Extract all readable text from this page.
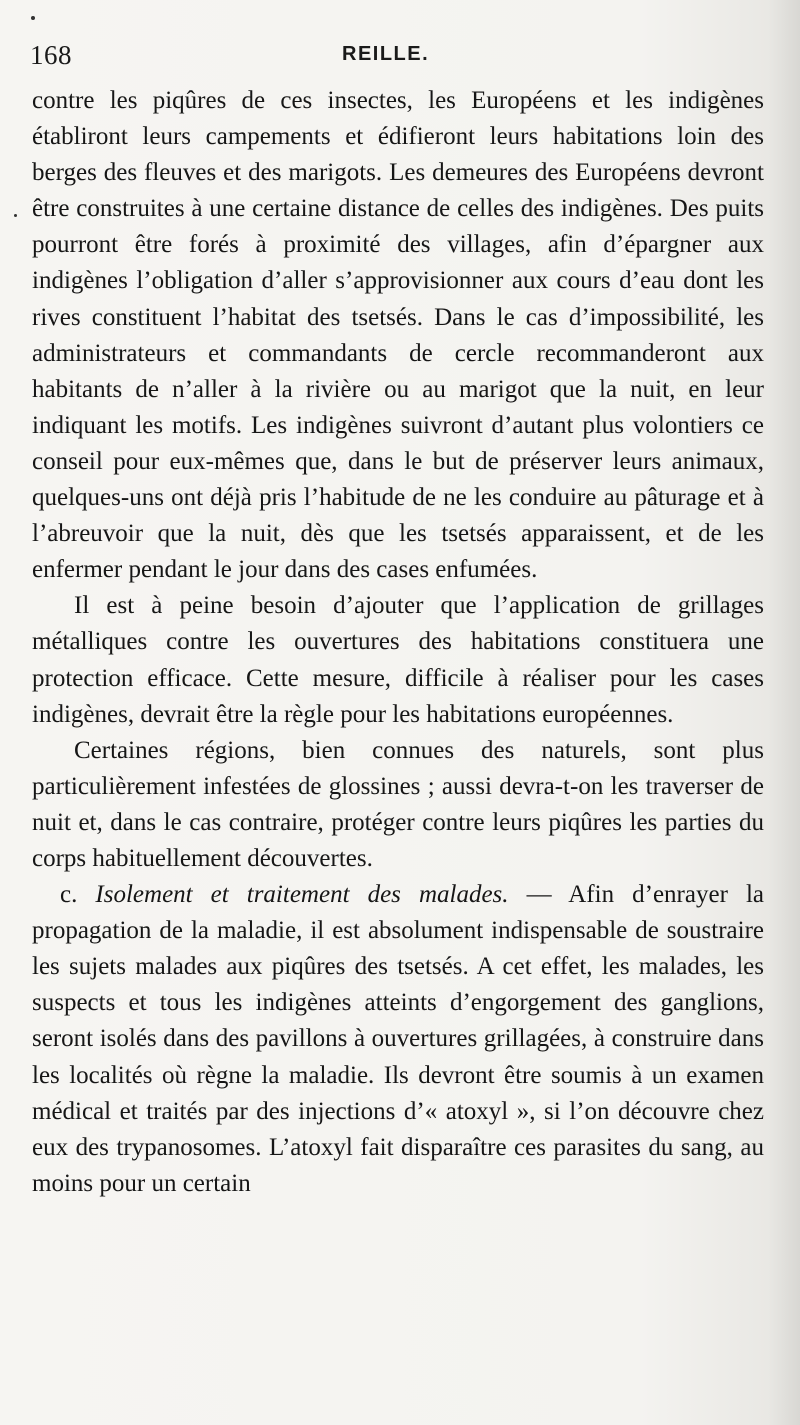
168	REILLE.

contre les piqûres de ces insectes, les Européens et les indigènes établiront leurs campements et édifieront leurs habitations loin des berges des fleuves et des marigots. Les demeures des Européens devront être construites à une certaine distance de celles des indigènes. Des puits pourront être forés à proximité des villages, afin d’épargner aux indigènes l’obligation d’aller s’approvisionner aux cours d’eau dont les rives constituent l’habitat des tsetsés. Dans le cas d’impossibilité, les administrateurs et commandants de cercle recommanderont aux habitants de n’aller à la rivière ou au marigot que la nuit, en leur indiquant les motifs. Les indigènes suivront d’autant plus volontiers ce conseil pour eux-mêmes que, dans le but de préserver leurs animaux, quelques-uns ont déjà pris l’habitude de ne les conduire au pâturage et à l’abreuvoir que la nuit, dès que les tsetsés apparaissent, et de les enfermer pendant le jour dans des cases enfumées.

Il est à peine besoin d’ajouter que l’application de grillages métalliques contre les ouvertures des habitations constituera une protection efficace. Cette mesure, difficile à réaliser pour les cases indigènes, devrait être la règle pour les habitations européennes.

Certaines régions, bien connues des naturels, sont plus particulièrement infestées de glossines ; aussi devra-t-on les traverser de nuit et, dans le cas contraire, protéger contre leurs piqûres les parties du corps habituellement découvertes.

c. Isolement et traitement des malades. — Afin d’enrayer la propagation de la maladie, il est absolument indispensable de soustraire les sujets malades aux piqûres des tsetsés. A cet effet, les malades, les suspects et tous les indigènes atteints d’engorgement des ganglions, seront isolés dans des pavillons à ouvertures grillagées, à construire dans les localités où règne la maladie. Ils devront être soumis à un examen médical et traités par des injections d’« atoxyl », si l’on découvre chez eux des trypanosomes. L’atoxyl fait disparaître ces parasites du sang, au moins pour un certain
